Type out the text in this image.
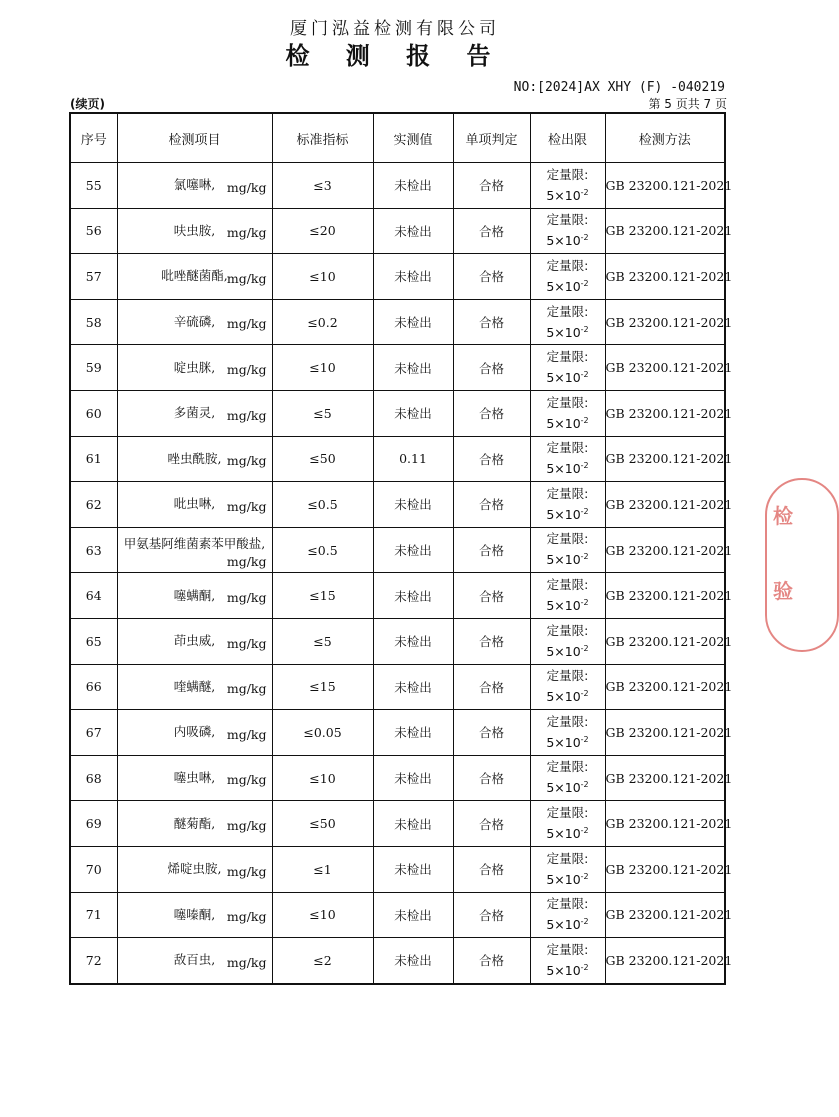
厦门泓益检测有限公司
检 测 报 告
NO:[2024]AX XHY (F) -040219
(续页)	第 5 页共 7 页
序号	检测项目	标准指标	实测值	单项判定	检出限	检测方法
55	氯噻啉, mg/kg	≤3	未检出	合格	定量限:
$5\times 10^{-2}$	GB 23200.121-2021
56	呋虫胺, mg/kg	≤20	未检出	合格	定量限:
$5\times 10^{-2}$	GB 23200.121-2021
57	吡唑醚菌酯, mg/kg	≤10	未检出	合格	定量限:
$5\times 10^{-2}$	GB 23200.121-2021
58	辛硫磷, mg/kg	≤0.2	未检出	合格	定量限:
$5\times 10^{-2}$	GB 23200.121-2021
59	啶虫脒, mg/kg	≤10	未检出	合格	定量限:
$5\times 10^{-2}$	GB 23200.121-2021
60	多菌灵, mg/kg	≤5	未检出	合格	定量限:
$5\times 10^{-2}$	GB 23200.121-2021
61	唑虫酰胺, mg/kg	≤50	0.11	合格	定量限:
$5\times 10^{-2}$	GB 23200.121-2021
62	吡虫啉, mg/kg	≤0.5	未检出	合格	定量限:
$5\times 10^{-2}$	GB 23200.121-2021
63	甲氨基阿维菌素苯甲酸盐,
mg/kg	≤0.5	未检出	合格	定量限:
$5\times 10^{-2}$	GB 23200.121-2021
64	噻螨酮, mg/kg	≤15	未检出	合格	定量限:
$5\times 10^{-2}$	GB 23200.121-2021
65	茚虫威, mg/kg	≤5	未检出	合格	定量限:
$5\times 10^{-2}$	GB 23200.121-2021
66	喹螨醚, mg/kg	≤15	未检出	合格	定量限:
$5\times 10^{-2}$	GB 23200.121-2021
67	内吸磷, mg/kg	≤0.05	未检出	合格	定量限:
$5\times 10^{-2}$	GB 23200.121-2021
68	噻虫啉, mg/kg	≤10	未检出	合格	定量限:
$5\times 10^{-2}$	GB 23200.121-2021
69	醚菊酯, mg/kg	≤50	未检出	合格	定量限:
$5\times 10^{-2}$	GB 23200.121-2021
70	烯啶虫胺, mg/kg	≤1	未检出	合格	定量限:
$5\times 10^{-2}$	GB 23200.121-2021
71	噻嗪酮, mg/kg	≤10	未检出	合格	定量限:
$5\times 10^{-2}$	GB 23200.121-2021
72	敌百虫, mg/kg	≤2	未检出	合格	定量限:
$5\times 10^{-2}$	GB 23200.121-2021
检
验
